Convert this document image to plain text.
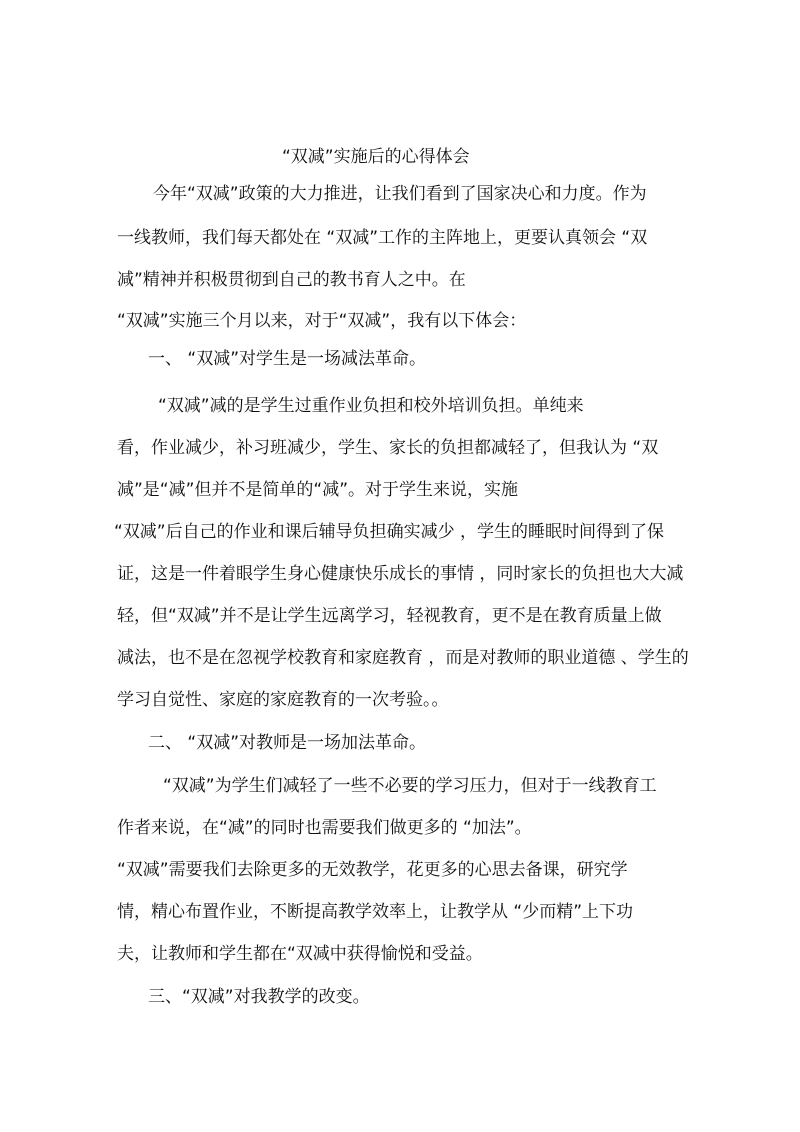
“双减”实施后的心得体会
今年“双减”政策的大力推进，让我们看到了国家决心和力度。作为
一线教师，我们每天都处在 “双减”工作的主阵地上，更要认真领会 “双
减”精神并积极贯彻到自己的教书育人之中。在
“双减”实施三个月以来，对于“双减”，我有以下体会：
一、 “双减”对学生是一场减法革命。
“双减”减的是学生过重作业负担和校外培训负担。单纯来
看，作业减少，补习班减少，学生、家长的负担都减轻了，但我认为 “双
减”是“减”但并不是简单的“减”。对于学生来说，实施
“双减”后自己的作业和课后辅导负担确实减少 ，学生的睡眠时间得到了保
证，这是一件着眼学生身心健康快乐成长的事情 ，同时家长的负担也大大减
轻，但“双减”并不是让学生远离学习，轻视教育，更不是在教育质量上做
减法，也不是在忽视学校教育和家庭教育 ，而是对教师的职业道德 、学生的
学习自觉性、家庭的家庭教育的一次考验。。
二、 “双减”对教师是一场加法革命。
“双减”为学生们减轻了一些不必要的学习压力，但对于一线教育工
作者来说，在“减”的同时也需要我们做更多的 “加法”。
“双减”需要我们去除更多的无效教学，花更多的心思去备课，研究学
情，精心布置作业，不断提高教学效率上，让教学从 “少而精”上下功
夫，让教师和学生都在“双减中获得愉悦和受益。
三、“双减”对我教学的改变。
